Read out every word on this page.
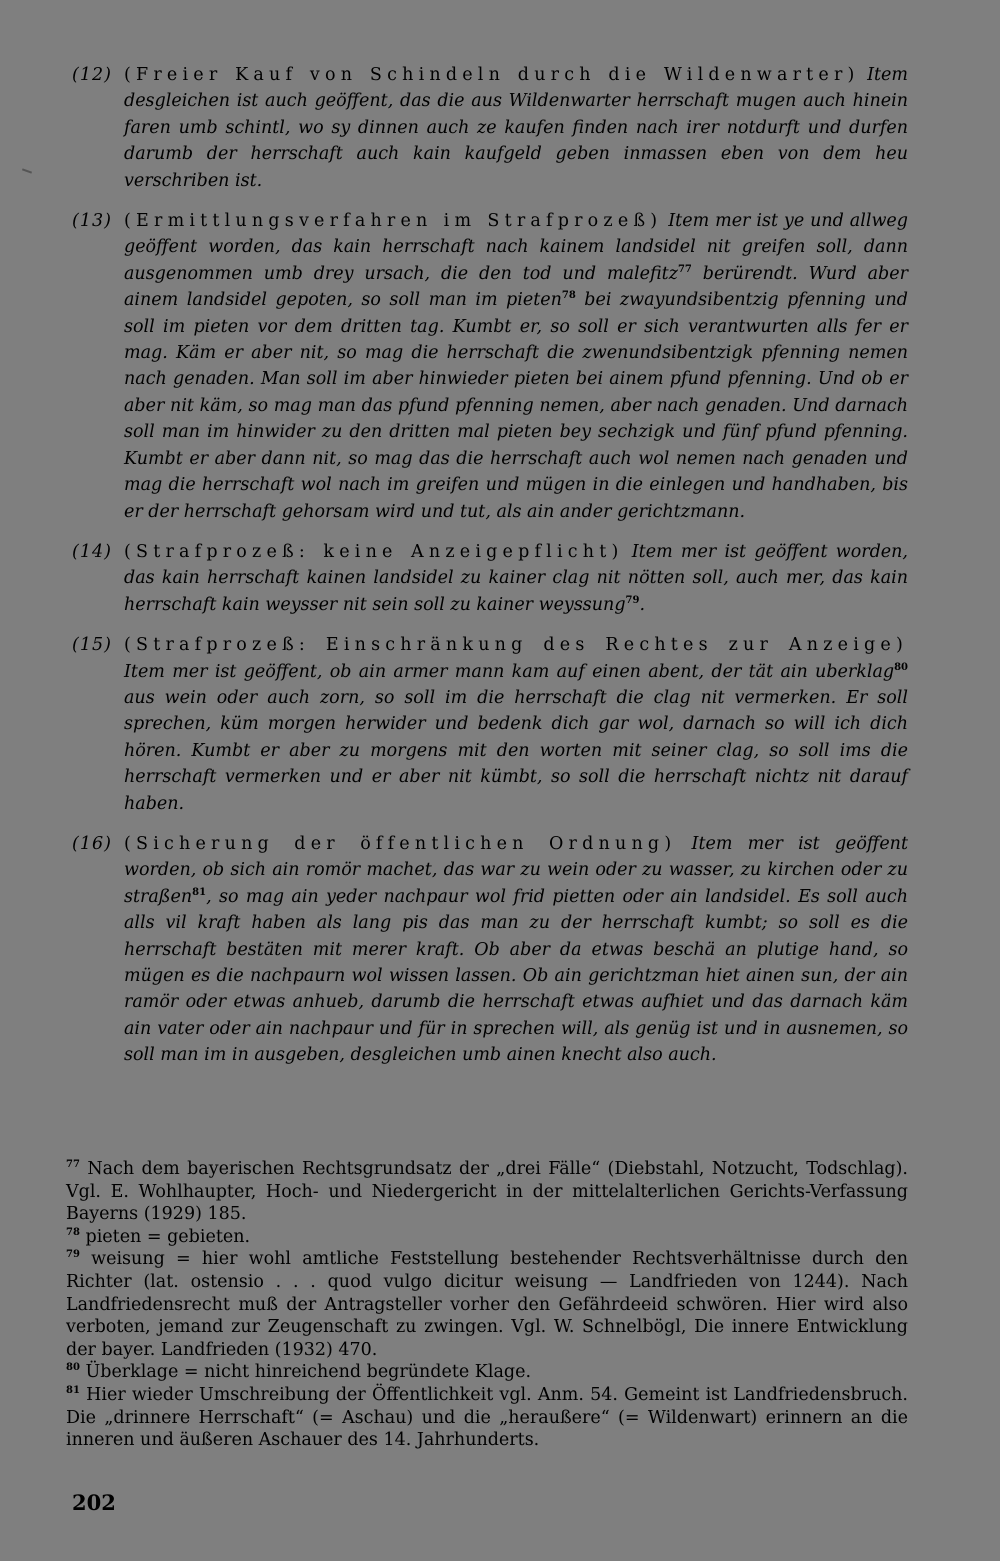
(12) (Freier Kauf von Schindeln durch die Wildenwarter) Item desgleichen ist auch geöffent, das die aus Wildenwarter herrschaft mugen auch hinein faren umb schintl, wo sy dinnen auch ze kaufen finden nach irer notdurft und durfen darumb der herrschaft auch kain kaufgeld geben inmassen eben von dem heu verschriben ist.
(13) (Ermittlungsverfahren im Strafprozeß) Item mer ist ye und allweg geöffent worden, das kain herrschaft nach kainem landsidel nit greifen soll, dann ausgenommen umb drey ursach, die den tod und malefitz$^{77}$ berürendt. Wurd aber ainem landsidel gepoten, so soll man im pieten$^{78}$ bei zwayundsibentzig pfenning und soll im pieten vor dem dritten tag. Kumbt er, so soll er sich verantwurten alls fer er mag. Käm er aber nit, so mag die herrschaft die zwenundsibentzigk pfenning nemen nach genaden. Man soll im aber hinwieder pieten bei ainem pfund pfenning. Und ob er aber nit käm, so mag man das pfund pfenning nemen, aber nach genaden. Und darnach soll man im hinwider zu den dritten mal pieten bey sechzigk und fünf pfund pfenning. Kumbt er aber dann nit, so mag das die herrschaft auch wol nemen nach genaden und mag die herrschaft wol nach im greifen und mügen in die einlegen und handhaben, bis er der herrschaft gehorsam wird und tut, als ain ander gerichtzmann.
(14) (Strafprozeß: keine Anzeigepflicht) Item mer ist geöffent worden, das kain herrschaft kainen landsidel zu kainer clag nit nötten soll, auch mer, das kain herrschaft kain weysser nit sein soll zu kainer weyssung$^{79}$.
(15) (Strafprozeß: Einschränkung des Rechtes zur Anzeige) Item mer ist geöffent, ob ain armer mann kam auf einen abent, der tät ain uberklag$^{80}$ aus wein oder auch zorn, so soll im die herrschaft die clag nit vermerken. Er soll sprechen, küm morgen herwider und bedenk dich gar wol, darnach so will ich dich hören. Kumbt er aber zu morgens mit den worten mit seiner clag, so soll ims die herrschaft vermerken und er aber nit kümbt, so soll die herrschaft nichtz nit darauf haben.
(16) (Sicherung der öffentlichen Ordnung) Item mer ist geöffent worden, ob sich ain romör machet, das war zu wein oder zu wasser, zu kirchen oder zu straßen$^{81}$, so mag ain yeder nachpaur wol frid pietten oder ain landsidel. Es soll auch alls vil kraft haben als lang pis das man zu der herrschaft kumbt; so soll es die herrschaft bestäten mit merer kraft. Ob aber da etwas beschä an plutige hand, so mügen es die nachpaurn wol wissen lassen. Ob ain gerichtzman hiet ainen sun, der ain ramör oder etwas anhueb, darumb die herrschaft etwas aufhiet und das darnach käm ain vater oder ain nachpaur und für in sprechen will, als genüg ist und in ausnemen, so soll man im in ausgeben, desgleichen umb ainen knecht also auch.
$^{77}$ Nach dem bayerischen Rechtsgrundsatz der „drei Fälle“ (Diebstahl, Notzucht, Todschlag). Vgl. E. Wohlhaupter, Hoch- und Niedergericht in der mittelalterlichen Gerichts-Verfassung Bayerns (1929) 185.
$^{78}$ pieten = gebieten.
$^{79}$ weisung = hier wohl amtliche Feststellung bestehender Rechtsverhältnisse durch den Richter (lat. ostensio . . . quod vulgo dicitur weisung — Landfrieden von 1244). Nach Landfriedensrecht muß der Antragsteller vorher den Gefährdeeid schwören. Hier wird also verboten, jemand zur Zeugenschaft zu zwingen. Vgl. W. Schnelbögl, Die innere Entwicklung der bayer. Landfrieden (1932) 470.
$^{80}$ Überklage = nicht hinreichend begründete Klage.
$^{81}$ Hier wieder Umschreibung der Öffentlichkeit vgl. Anm. 54. Gemeint ist Landfriedensbruch. Die „drinnere Herrschaft“ (= Aschau) und die „heraußere“ (= Wildenwart) erinnern an die inneren und äußeren Aschauer des 14. Jahrhunderts.
202
